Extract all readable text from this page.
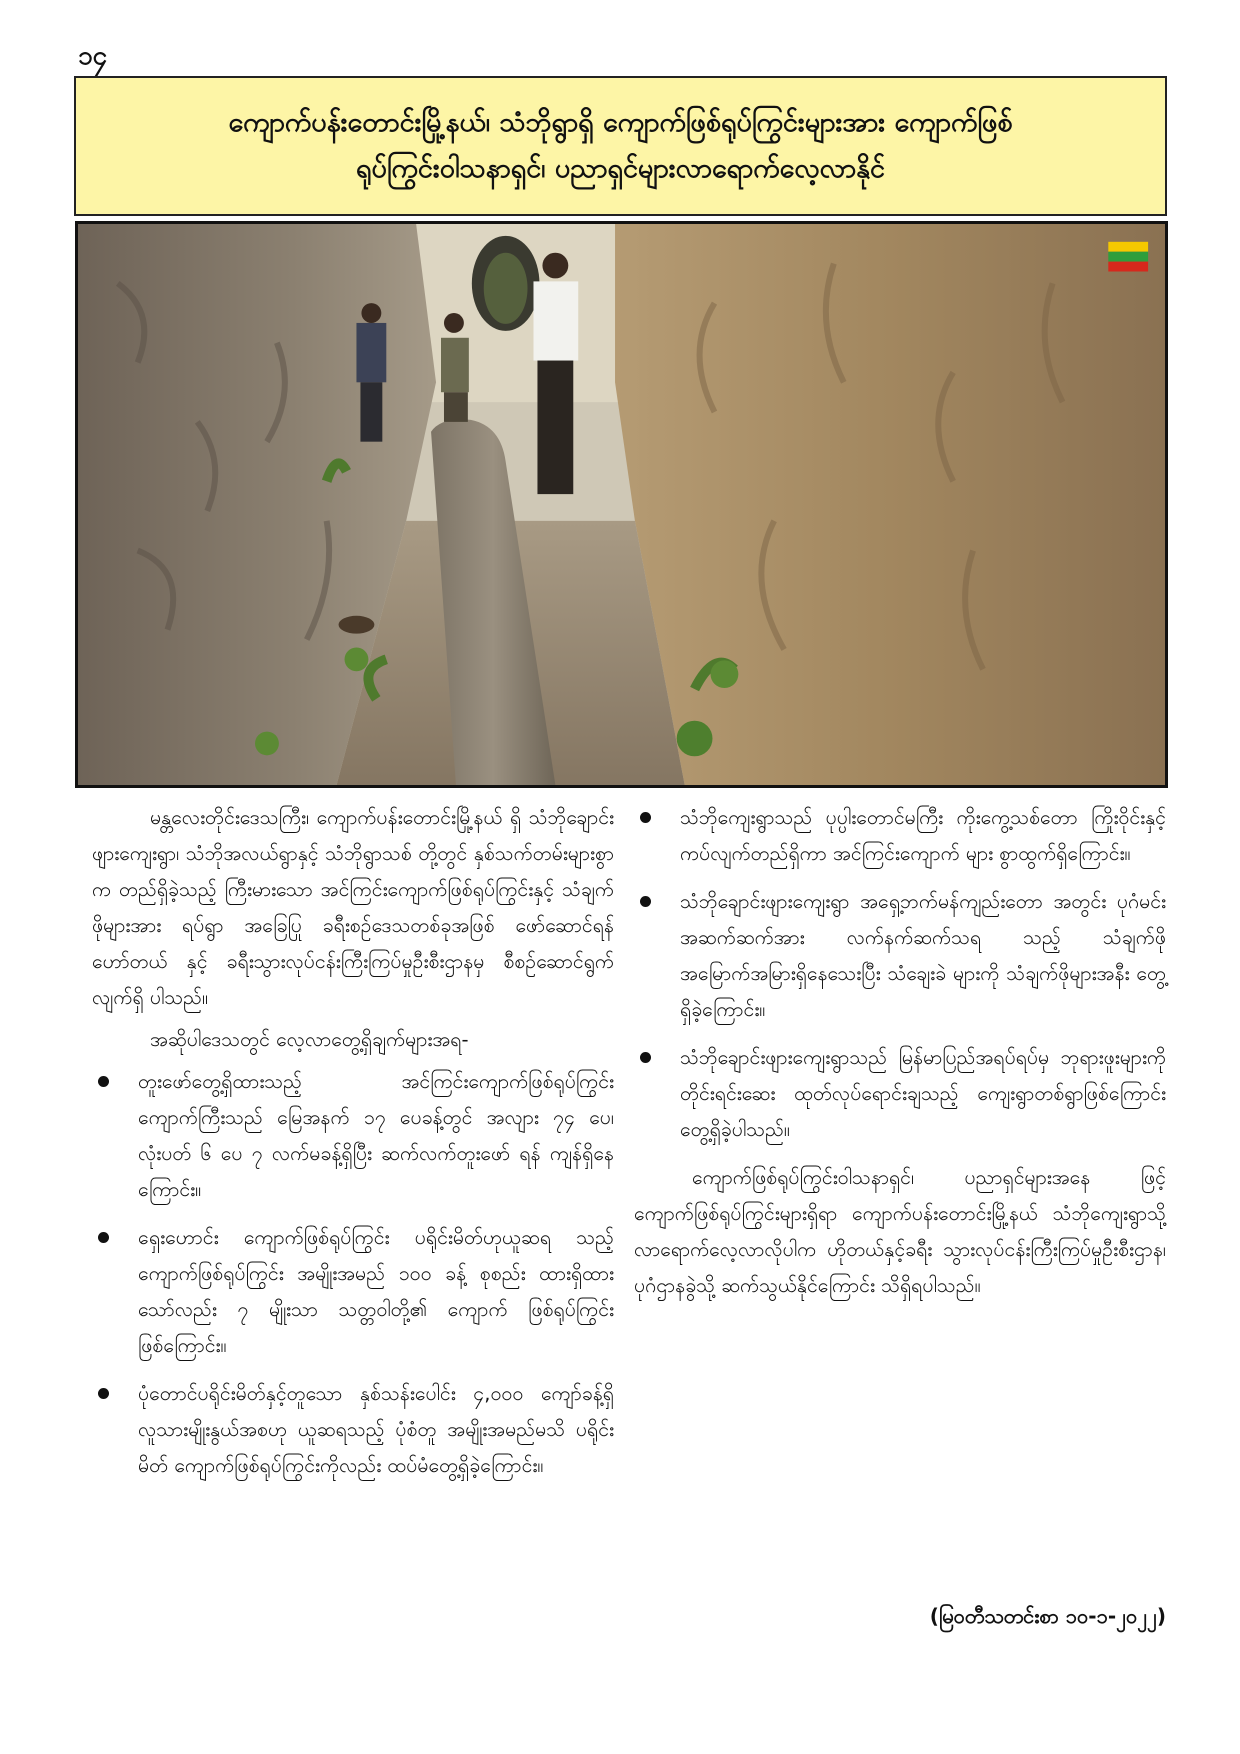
၁၄
ကျောက်ပန်းတောင်းမြို့နယ်၊ သံဘိုရွာရှိ ကျောက်ဖြစ်ရုပ်ကြွင်းများအား ကျောက်ဖြစ်
ရုပ်ကြွင်းဝါသနာရှင်၊ ပညာရှင်များလာရောက်လေ့လာနိုင်

မန္တလေးတိုင်းဒေသကြီး၊ ကျောက်ပန်းတောင်းမြို့နယ် ရှိ သံဘိုချောင်းဖျားကျေးရွာ၊ သံဘိုအလယ်ရွာနှင့် သံဘိုရွာသစ် တို့တွင် နှစ်သက်တမ်းများစွာက တည်ရှိခဲ့သည့် ကြီးမားသော အင်ကြင်းကျောက်ဖြစ်ရုပ်ကြွင်းနှင့် သံချက်ဖိုများအား ရပ်ရွာ အခြေပြု ခရီးစဉ်ဒေသတစ်ခုအဖြစ် ဖော်ဆောင်ရန် ဟော်တယ် နှင့် ခရီးသွားလုပ်ငန်းကြီးကြပ်မှုဦးစီးဌာနမှ စီစဉ်ဆောင်ရွက်လျက်ရှိ ပါသည်။

အဆိုပါဒေသတွင် လေ့လာတွေ့ရှိချက်များအရ-

တူးဖော်တွေ့ရှိထားသည့် အင်ကြင်းကျောက်ဖြစ်ရုပ်ကြွင်း ကျောက်ကြီးသည် မြေအနက် ၁၇ ပေခန့်တွင် အလျား ၇၄ ပေ၊ လုံးပတ် ၆ ပေ ၇ လက်မခန့်ရှိပြီး ဆက်လက်တူးဖော် ရန် ကျန်ရှိနေကြောင်း။
ရှေးဟောင်း ကျောက်ဖြစ်ရုပ်ကြွင်း ပရိုင်းမိတ်ဟုယူဆရ သည့် ကျောက်ဖြစ်ရုပ်ကြွင်း အမျိုးအမည် ၁၀၀ ခန့် စုစည်း ထားရှိထားသော်လည်း ၇ မျိုးသာ သတ္တဝါတို့၏ ကျောက် ဖြစ်ရုပ်ကြွင်းဖြစ်ကြောင်း။
ပုံတောင်ပရိုင်းမိတ်နှင့်တူသော နှစ်သန်းပေါင်း ၄,၀၀၀ ကျော်ခန့်ရှိ လူသားမျိုးနွယ်အစဟု ယူဆရသည့် ပုံစံတူ အမျိုးအမည်မသိ ပရိုင်းမိတ် ကျောက်ဖြစ်ရုပ်ကြွင်းကိုလည်း ထပ်မံတွေ့ရှိခဲ့ကြောင်း။
သံဘိုကျေးရွာသည် ပုပ္ပါးတောင်မကြီး ကိုးကွေ့သစ်တော ကြိုးဝိုင်းနှင့် ကပ်လျက်တည်ရှိကာ အင်ကြင်းကျောက် များ စွာထွက်ရှိကြောင်း။
သံဘိုချောင်းဖျားကျေးရွာ အရှေ့ဘက်မန်ကျည်းတော အတွင်း ပုဂံမင်းအဆက်ဆက်အား လက်နက်ဆက်သရ သည့် သံချက်ဖိုအမြောက်အမြားရှိနေသေးပြီး သံချေးခဲ များကို သံချက်ဖိုများအနီး တွေ့ရှိခဲ့ကြောင်း။
သံဘိုချောင်းဖျားကျေးရွာသည် မြန်မာပြည်အရပ်ရပ်မှ ဘုရားဖူးများကို တိုင်းရင်းဆေး ထုတ်လုပ်ရောင်းချသည့် ကျေးရွာတစ်ရွာဖြစ်ကြောင်း တွေ့ရှိခဲ့ပါသည်။

ကျောက်ဖြစ်ရုပ်ကြွင်းဝါသနာရှင်၊ ပညာရှင်များအနေ ဖြင့် ကျောက်ဖြစ်ရုပ်ကြွင်းများရှိရာ ကျောက်ပန်းတောင်းမြို့နယ် သံဘိုကျေးရွာသို့ လာရောက်လေ့လာလိုပါက ဟိုတယ်နှင့်ခရီး သွားလုပ်ငန်းကြီးကြပ်မှုဦးစီးဌာန၊ ပုဂံဌာနခွဲသို့ ဆက်သွယ်နိုင်ကြောင်း သိရှိရပါသည်။

(မြဝတီသတင်းစာ ၁၀-၁-၂၀၂၂)
